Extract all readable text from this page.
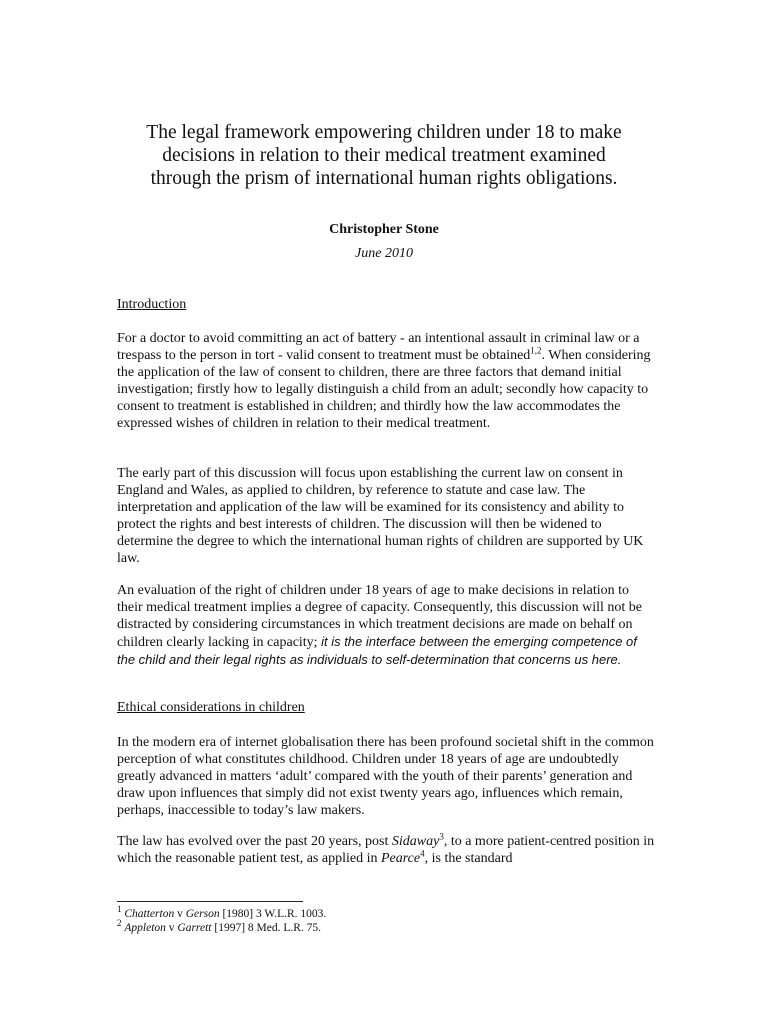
The legal framework empowering children under 18 to make
decisions in relation to their medical treatment examined
through the prism of international human rights obligations.
Christopher Stone
June 2010
Introduction
For a doctor to avoid committing an act of battery - an intentional assault in criminal law or a trespass to the person in tort - valid consent to treatment must be obtained$^{1,2}$. When considering the application of the law of consent to children, there are three factors that demand initial investigation; firstly how to legally distinguish a child from an adult; secondly how capacity to consent to treatment is established in children; and thirdly how the law accommodates the expressed wishes of children in relation to their medical treatment.
The early part of this discussion will focus upon establishing the current law on consent in England and Wales, as applied to children, by reference to statute and case law. The interpretation and application of the law will be examined for its consistency and ability to protect the rights and best interests of children. The discussion will then be widened to determine the degree to which the international human rights of children are supported by UK law.
An evaluation of the right of children under 18 years of age to make decisions in relation to their medical treatment implies a degree of capacity. Consequently, this discussion will not be distracted by considering circumstances in which treatment decisions are made on behalf on children clearly lacking in capacity; it is the interface between the emerging competence of the child and their legal rights as individuals to self-determination that concerns us here.
Ethical considerations in children
In the modern era of internet globalisation there has been profound societal shift in the common perception of what constitutes childhood. Children under 18 years of age are undoubtedly greatly advanced in matters ‘adult’ compared with the youth of their parents’ generation and draw upon influences that simply did not exist twenty years ago, influences which remain, perhaps, inaccessible to today’s law makers.
The law has evolved over the past 20 years, post Sidaway$^3$, to a more patient-centred position in which the reasonable patient test, as applied in Pearce$^4$, is the standard
$^1$ Chatterton v Gerson [1980] 3 W.L.R. 1003.
$^2$ Appleton v Garrett [1997] 8 Med. L.R. 75.
